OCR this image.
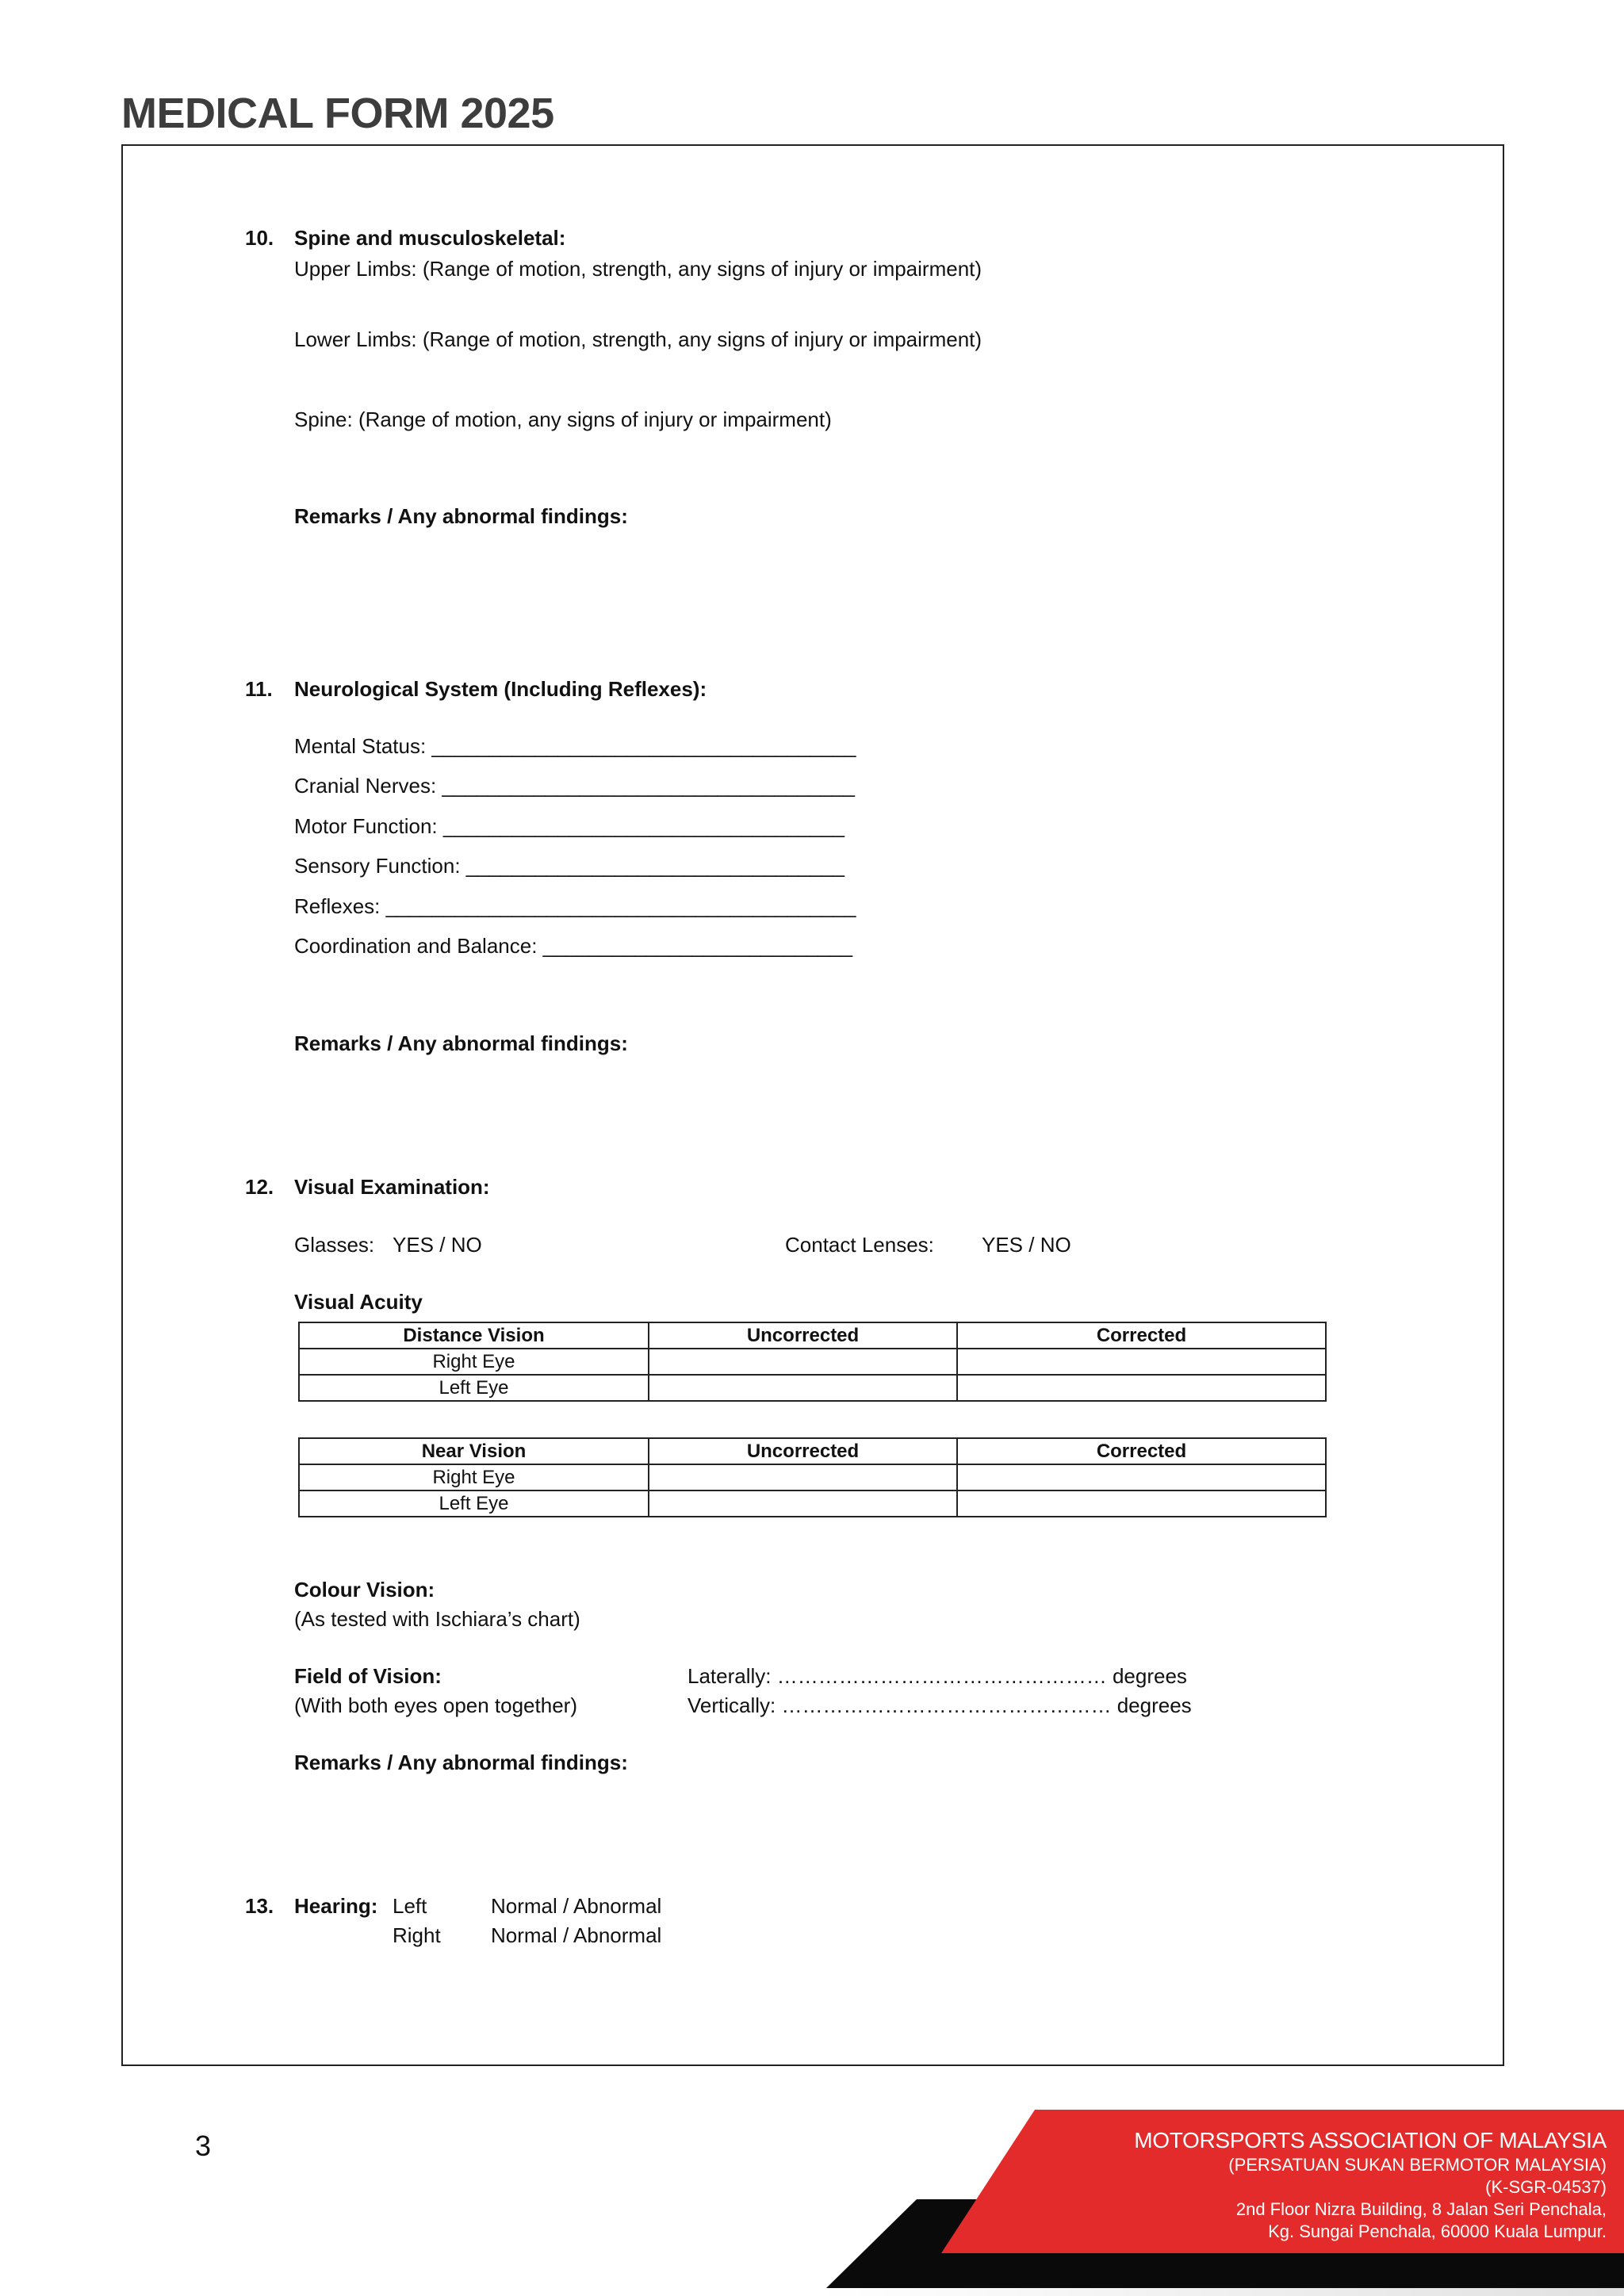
MEDICAL FORM 2025
10. Spine and musculoskeletal:
Upper Limbs: (Range of motion, strength, any signs of injury or impairment)
Lower Limbs: (Range of motion, strength, any signs of injury or impairment)
Spine: (Range of motion, any signs of injury or impairment)
Remarks / Any abnormal findings:
11. Neurological System (Including Reflexes):
Mental Status: _____________________________________
Cranial Nerves: ____________________________________
Motor Function: ___________________________________
Sensory Function: _________________________________
Reflexes: _________________________________________
Coordination and Balance: ___________________________
Remarks / Any abnormal findings:
12. Visual Examination:
Glasses: YES / NO	Contact Lenses: YES / NO
Visual Acuity
Distance Vision	Uncorrected	Corrected
Right Eye		
Left Eye		
Near Vision	Uncorrected	Corrected
Right Eye		
Left Eye		
Colour Vision:
(As tested with Ischiara’s chart)
Field of Vision:
(With both eyes open together)
Laterally: ………………………………………… degrees
Vertically: ………………………………………… degrees
Remarks / Any abnormal findings:
13. Hearing: Left	Normal / Abnormal
Right Normal / Abnormal
3	MOTORSPORTS ASSOCIATION OF MALAYSIA
(PERSATUAN SUKAN BERMOTOR MALAYSIA)
(K-SGR-04537)
2nd Floor Nizra Building, 8 Jalan Seri Penchala,
Kg. Sungai Penchala, 60000 Kuala Lumpur.
